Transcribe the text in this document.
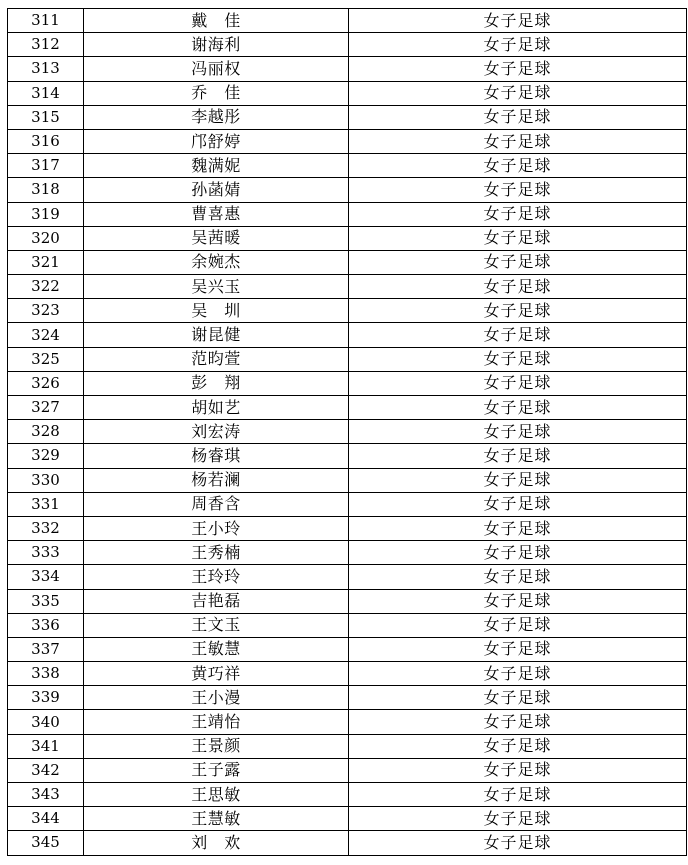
311	戴　佳	女子足球
312	谢海利	女子足球
313	冯丽权	女子足球
314	乔　佳	女子足球
315	李越彤	女子足球
316	邝舒婷	女子足球
317	魏满妮	女子足球
318	孙菡婧	女子足球
319	曹喜惠	女子足球
320	吴茜暖	女子足球
321	余婉杰	女子足球
322	吴兴玉	女子足球
323	吴　圳	女子足球
324	谢昆健	女子足球
325	范昀萱	女子足球
326	彭　翔	女子足球
327	胡如艺	女子足球
328	刘宏涛	女子足球
329	杨睿琪	女子足球
330	杨若澜	女子足球
331	周香含	女子足球
332	王小玲	女子足球
333	王秀楠	女子足球
334	王玲玲	女子足球
335	吉艳磊	女子足球
336	王文玉	女子足球
337	王敏慧	女子足球
338	黄巧祥	女子足球
339	王小漫	女子足球
340	王靖怡	女子足球
341	王景颜	女子足球
342	王子露	女子足球
343	王思敏	女子足球
344	王慧敏	女子足球
345	刘　欢	女子足球
